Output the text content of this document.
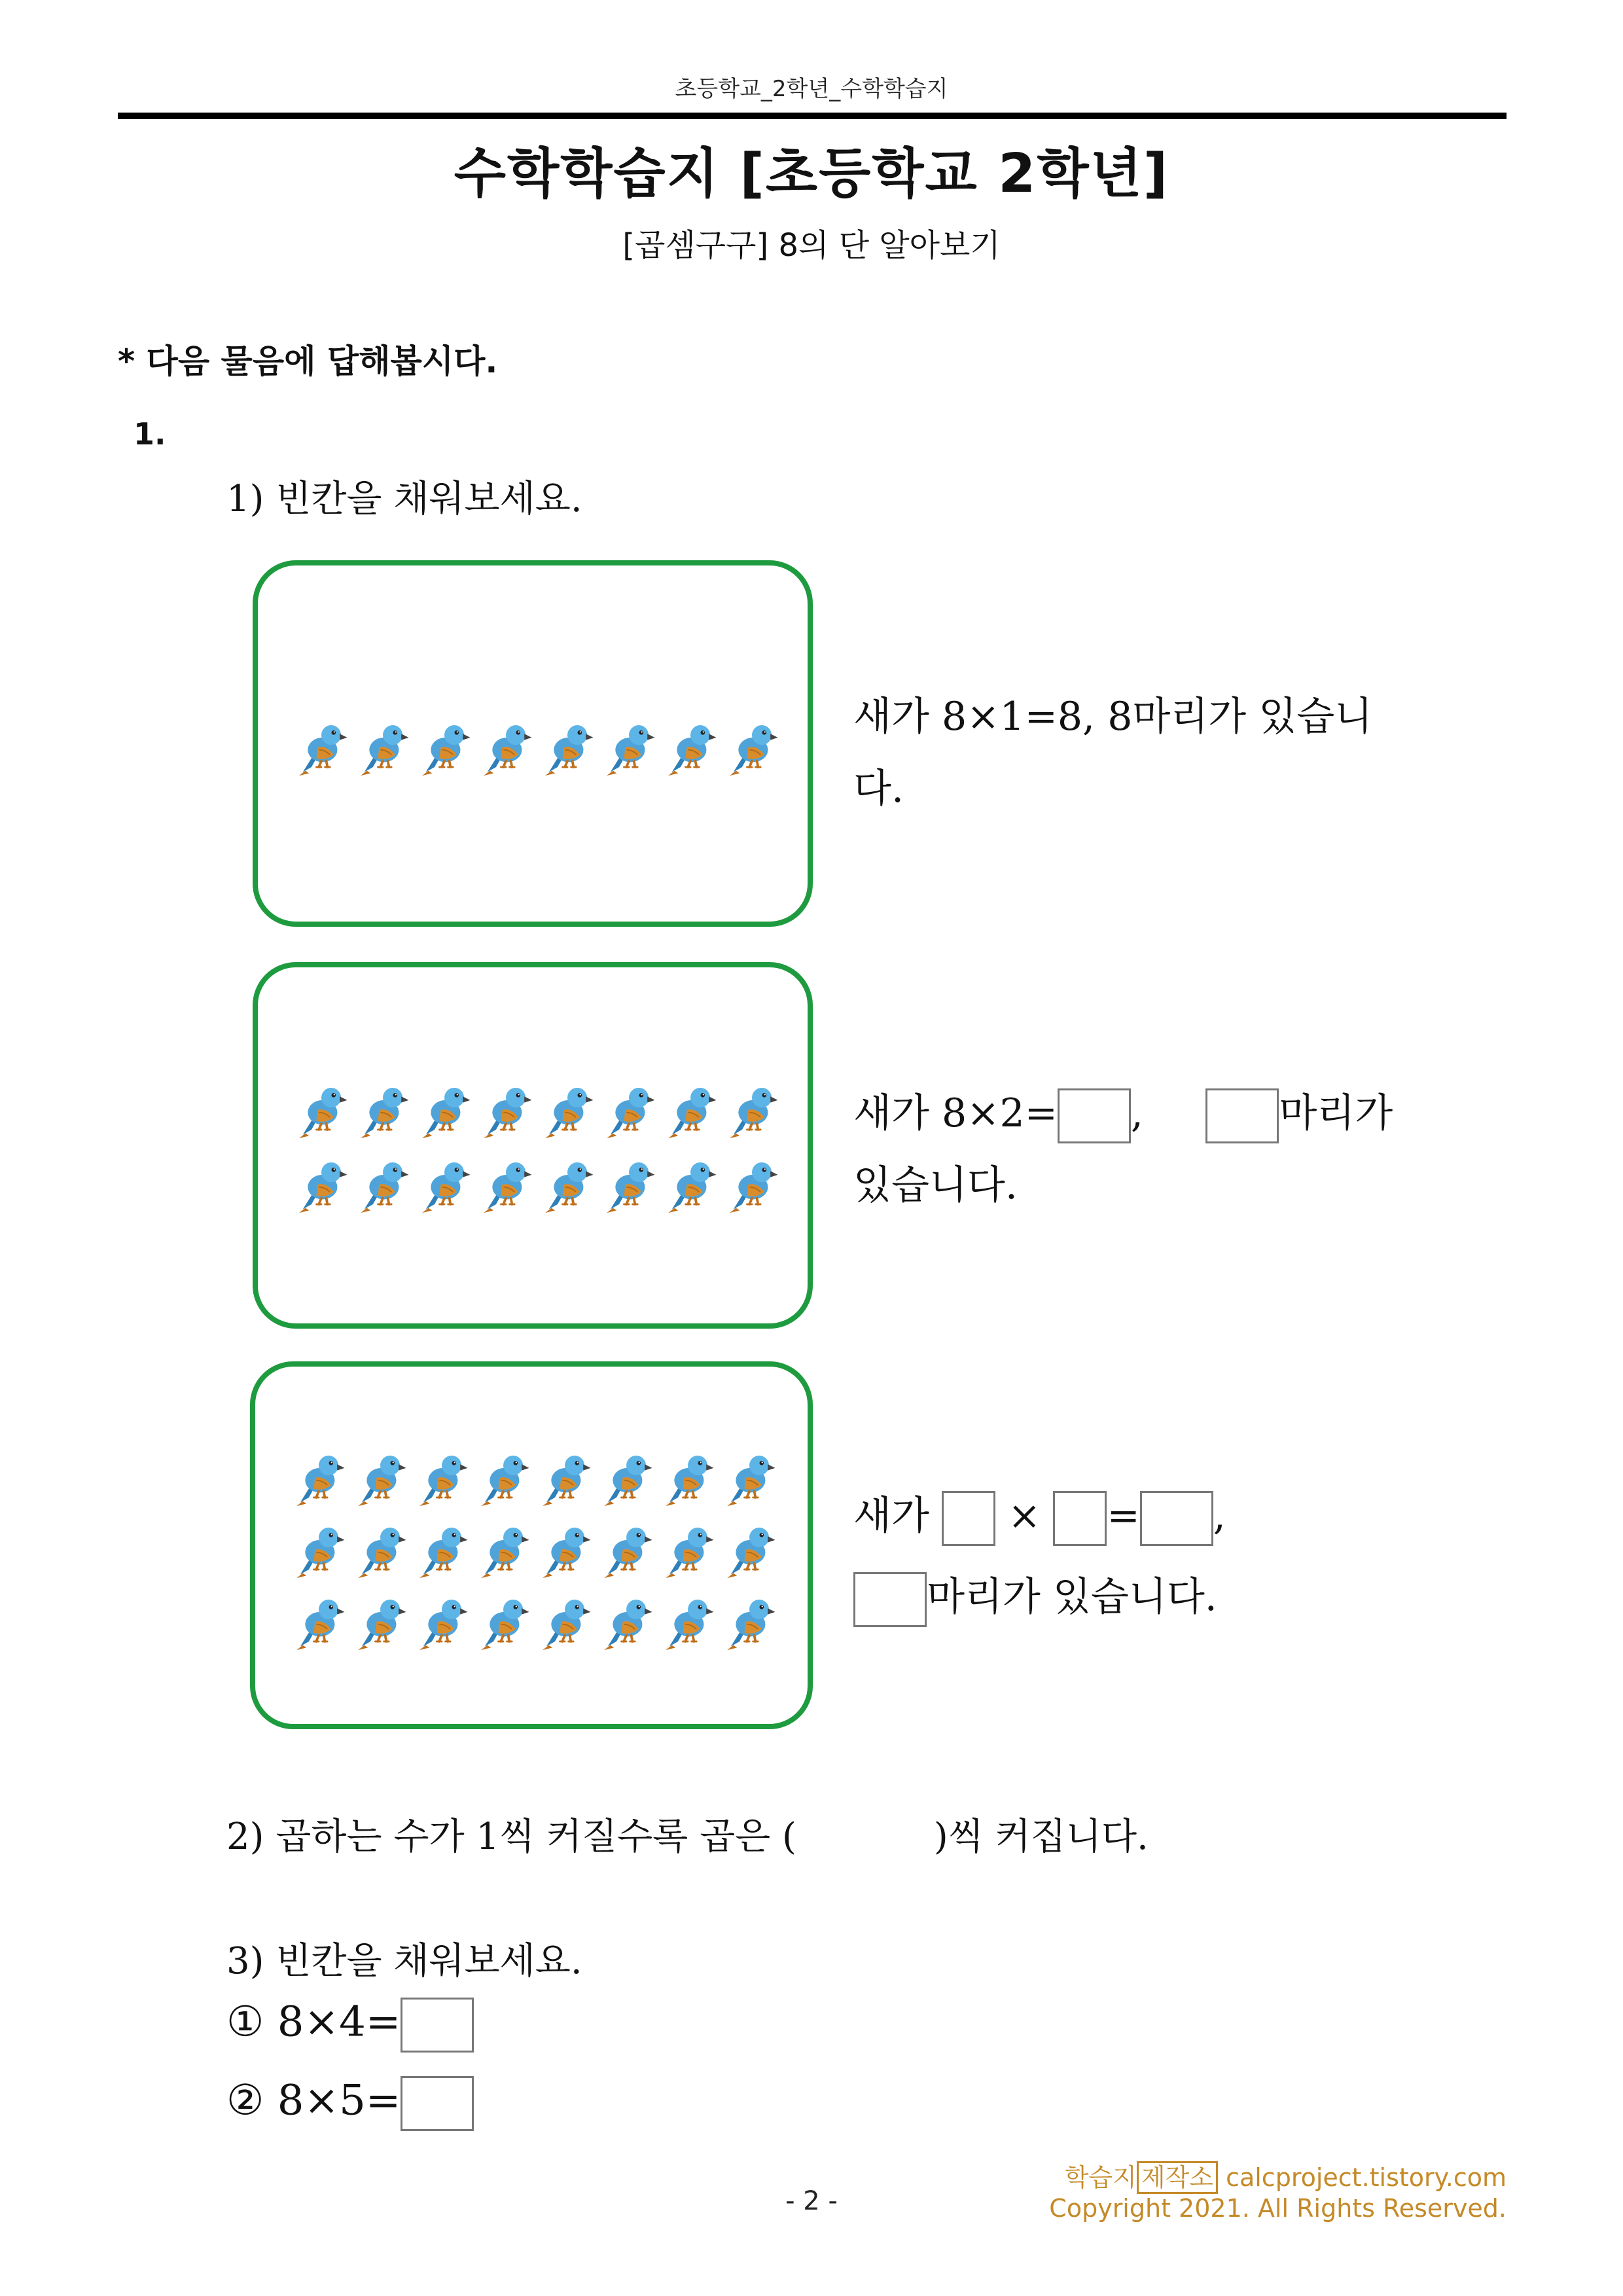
초등학교_2학년_수학학습지
수학학습지 [초등학교 2학년]
[곱셈구구] 8의 단 알아보기
* 다음 물음에 답해봅시다.
1.
1) 빈칸을 채워보세요.
새가 8×1=8, 8마리가 있습니
다.
새가 8×2= ,	마리가
있습니다.
새가  × = ,
마리가 있습니다.
2) 곱하는 수가 1씩 커질수록 곱은 (	)씩 커집니다.
3) 빈칸을 채워보세요.
① 8×4=
② 8×5=
학습지 제작소 calcproject.tistory.com
Copyright 2021. All Rights Reserved.
- 2 -
